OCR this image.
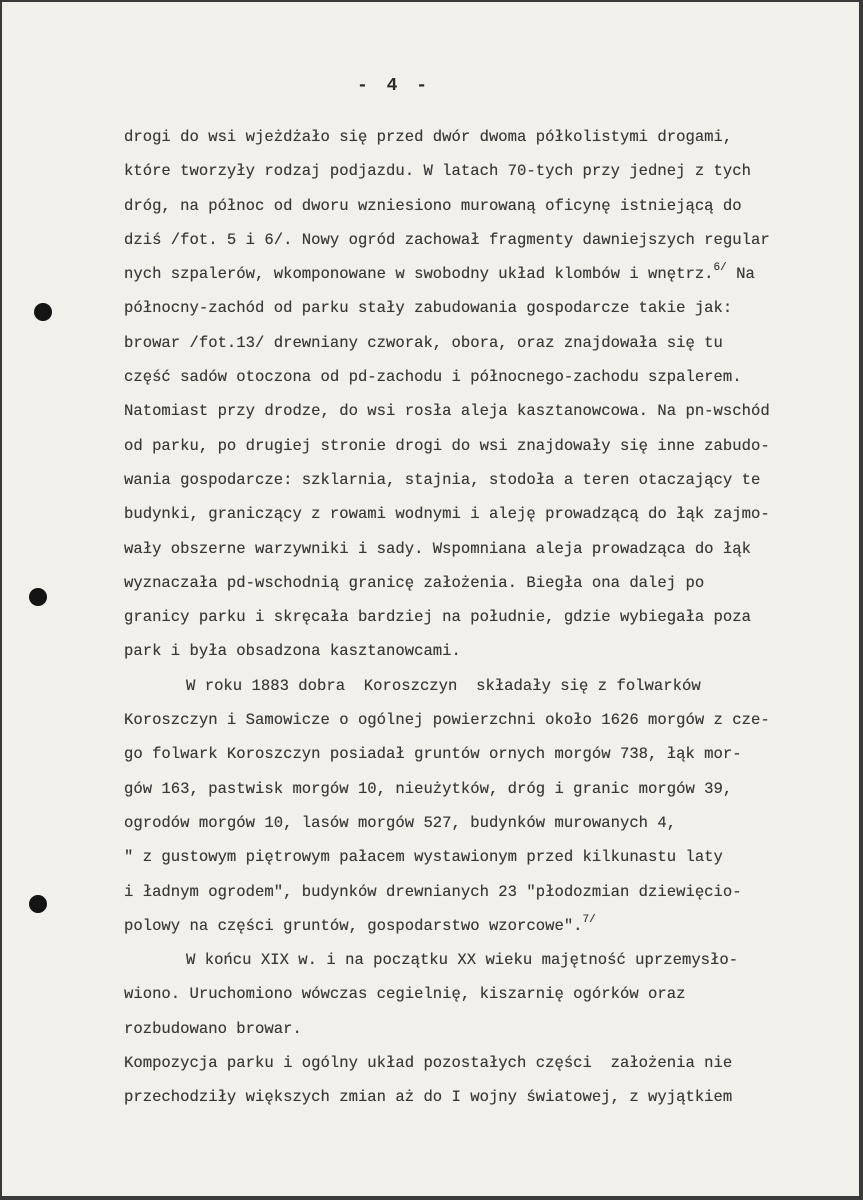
- 4 -
drogi do wsi wjeżdżało się przed dwór dwoma półkolistymi drogami,
które tworzyły rodzaj podjazdu. W latach 70-tych przy jednej z tych
dróg, na północ od dworu wzniesiono murowaną oficynę istniejącą do
dziś /fot. 5 i 6/. Nowy ogród zachował fragmenty dawniejszych regular
nych szpalerów, wkomponowane w swobodny układ klombów i wnętrz.$^{6/}$ Na
północny-zachód od parku stały zabudowania gospodarcze takie jak:
browar /fot.13/ drewniany czworak, obora, oraz znajdowała się tu
część sadów otoczona od pd-zachodu i północnego-zachodu szpalerem.
Natomiast przy drodze, do wsi rosła aleja kasztanowcowa. Na pn-wschód
od parku, po drugiej stronie drogi do wsi znajdowały się inne zabudo-
wania gospodarcze: szklarnia, stajnia, stodoła a teren otaczający te
budynki, graniczący z rowami wodnymi i aleję prowadzącą do łąk zajmo-
wały obszerne warzywniki i sady. Wspomniana aleja prowadząca do łąk
wyznaczała pd-wschodnią granicę założenia. Biegła ona dalej po
granicy parku i skręcała bardziej na południe, gdzie wybiegała poza
park i była obsadzona kasztanowcami.
W roku 1883 dobra  Koroszczyn  składały się z folwarków
Koroszczyn i Samowicze o ogólnej powierzchni około 1626 morgów z cze-
go folwark Koroszczyn posiadał gruntów ornych morgów 738, łąk mor-
gów 163, pastwisk morgów 10, nieużytków, dróg i granic morgów 39,
ogrodów morgów 10, lasów morgów 527, budynków murowanych 4,
" z gustowym piętrowym pałacem wystawionym przed kilkunastu laty
i ładnym ogrodem", budynków drewnianych 23 "płodozmian dziewięcio-
polowy na części gruntów, gospodarstwo wzorcowe".$^{7/}$
W końcu XIX w. i na początku XX wieku majętność uprzemysło-
wiono. Uruchomiono wówczas cegielnię, kiszarnię ogórków oraz
rozbudowano browar.
Kompozycja parku i ogólny układ pozostałych części  założenia nie
przechodziły większych zmian aż do I wojny światowej, z wyjątkiem
